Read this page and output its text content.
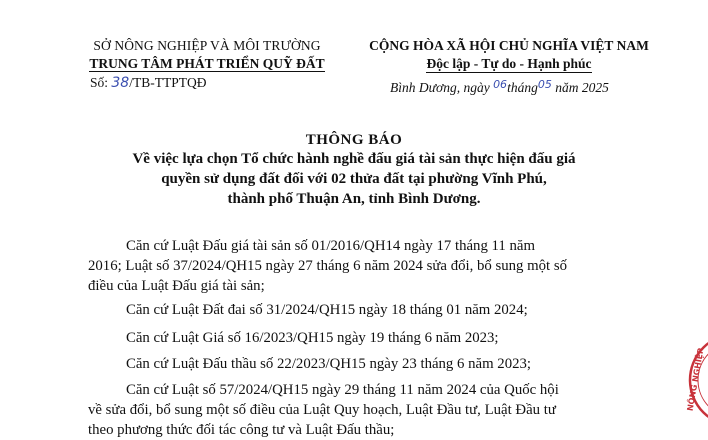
SỞ NÔNG NGHIỆP VÀ MÔI TRƯỜNG
TRUNG TÂM PHÁT TRIỂN QUỸ ĐẤT
Số: 38/TB-TTPTQĐ
CỘNG HÒA XÃ HỘI CHỦ NGHĨA VIỆT NAM
Độc lập - Tự do - Hạnh phúc
Bình Dương, ngày $^{06}$tháng$^{05}$ năm 2025
THÔNG BÁO
Về việc lựa chọn Tổ chức hành nghề đấu giá tài sản thực hiện đấu giá
quyền sử dụng đất đối với 02 thửa đất tại phường Vĩnh Phú,
thành phố Thuận An, tỉnh Bình Dương.
Căn cứ Luật Đấu giá tài sản số 01/2016/QH14 ngày 17 tháng 11 năm
2016; Luật số 37/2024/QH15 ngày 27 tháng 6 năm 2024 sửa đổi, bổ sung một số
điều của Luật Đấu giá tài sản;
Căn cứ Luật Đất đai số 31/2024/QH15 ngày 18 tháng 01 năm 2024;
Căn cứ Luật Giá số 16/2023/QH15 ngày 19 tháng 6 năm 2023;
Căn cứ Luật Đấu thầu số 22/2023/QH15 ngày 23 tháng 6 năm 2023;
Căn cứ Luật số 57/2024/QH15 ngày 29 tháng 11 năm 2024 của Quốc hội
về sửa đổi, bổ sung một số điều của Luật Quy hoạch, Luật Đầu tư, Luật Đầu tư
theo phương thức đối tác công tư và Luật Đấu thầu;
NÔNG NGHIỆP
